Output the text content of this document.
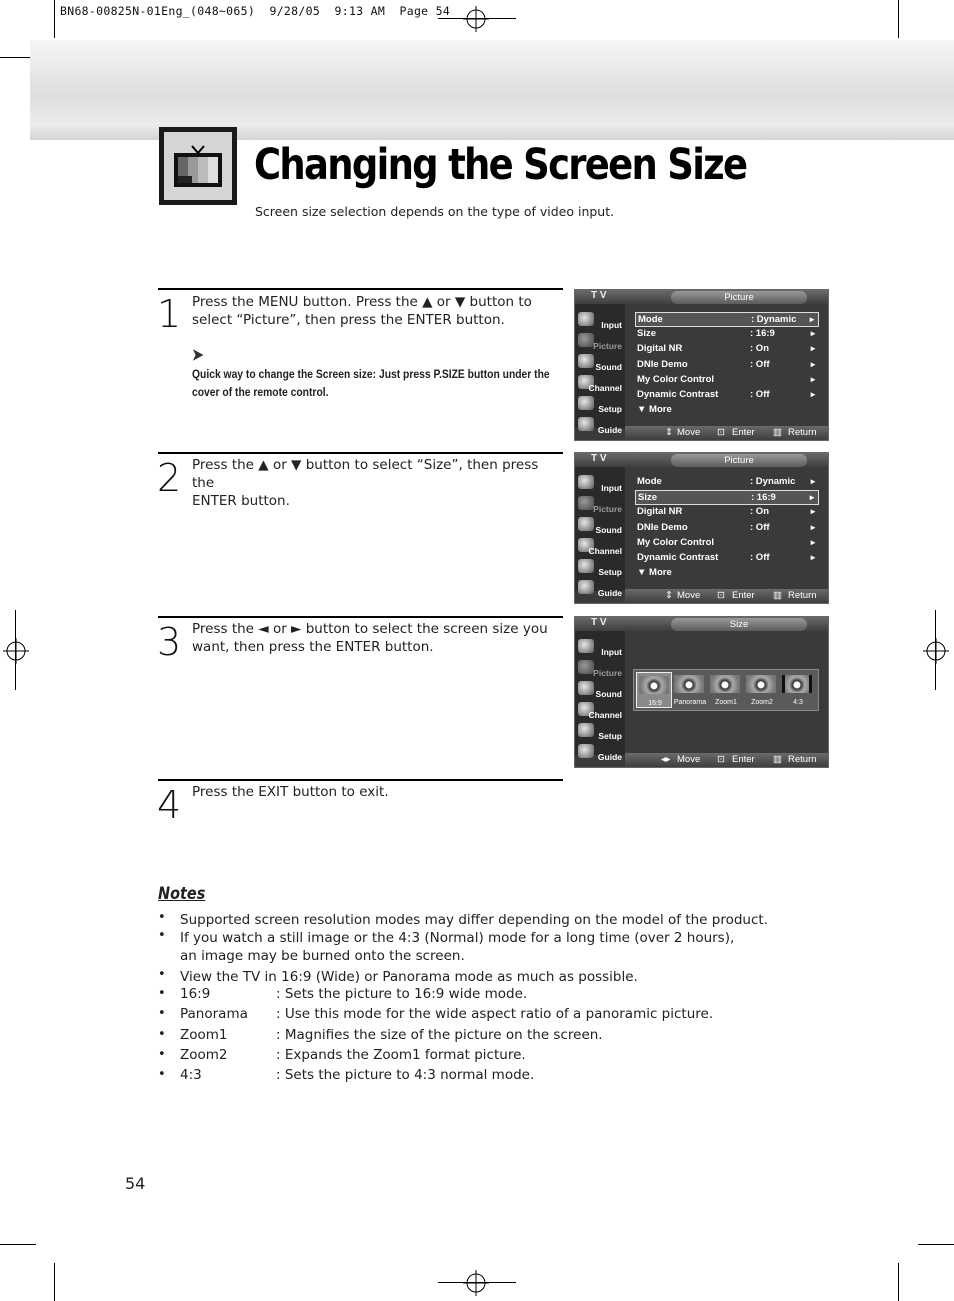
BN68-00825N-01Eng_(048~065)  9/28/05  9:13 AM  Page 54
Changing the Screen Size
Screen size selection depends on the type of video input.
1 Press the MENU button. Press the ▲ or ▼ button to
select “Picture”, then press the ENTER button.
➤
Quick way to change the Screen size: Just press P.SIZE button under the
cover of the remote control.
2 Press the ▲ or ▼ button to select “Size”, then press the
ENTER button.
3 Press the ◄ or ► button to select the screen size you
want, then press the ENTER button.
4 Press the EXIT button to exit.
T V	Picture
Input
Picture
Sound
Channel
Setup
Guide
Mode	: Dynamic ►
Size	: 16:9	►
Digital NR	: On	►
DNIe Demo	: Off	►
My Color Control	►
Dynamic Contrast	: Off	►
▼ More
⇕ Move ⊡ Enter ▥ Return
T V	Picture
Input
Picture
Sound
Channel
Setup
Guide
Mode	: Dynamic ►
Size	: 16:9	►
Digital NR	: On	►
DNIe Demo	: Off	►
My Color Control	►
Dynamic Contrast	: Off	►
▼ More
⇕ Move ⊡ Enter ▥ Return
T V	Size
Input
Picture
Sound
Channel
Setup
Guide
16:9	Panorama	Zoom1	Zoom2	4:3
◂▸ Move ⊡ Enter ▥ Return
Notes
• Supported screen resolution modes may differ depending on the model of the product.
• If you watch a still image or the 4:3 (Normal) mode for a long time (over 2 hours),
an image may be burned onto the screen.
• View the TV in 16:9 (Wide) or Panorama mode as much as possible.
• 16:9	: Sets the picture to 16:9 wide mode.
• Panorama : Use this mode for the wide aspect ratio of a panoramic picture.
• Zoom1	: Magnifies the size of the picture on the screen.
• Zoom2	: Expands the Zoom1 format picture.
• 4:3	: Sets the picture to 4:3 normal mode.
54
